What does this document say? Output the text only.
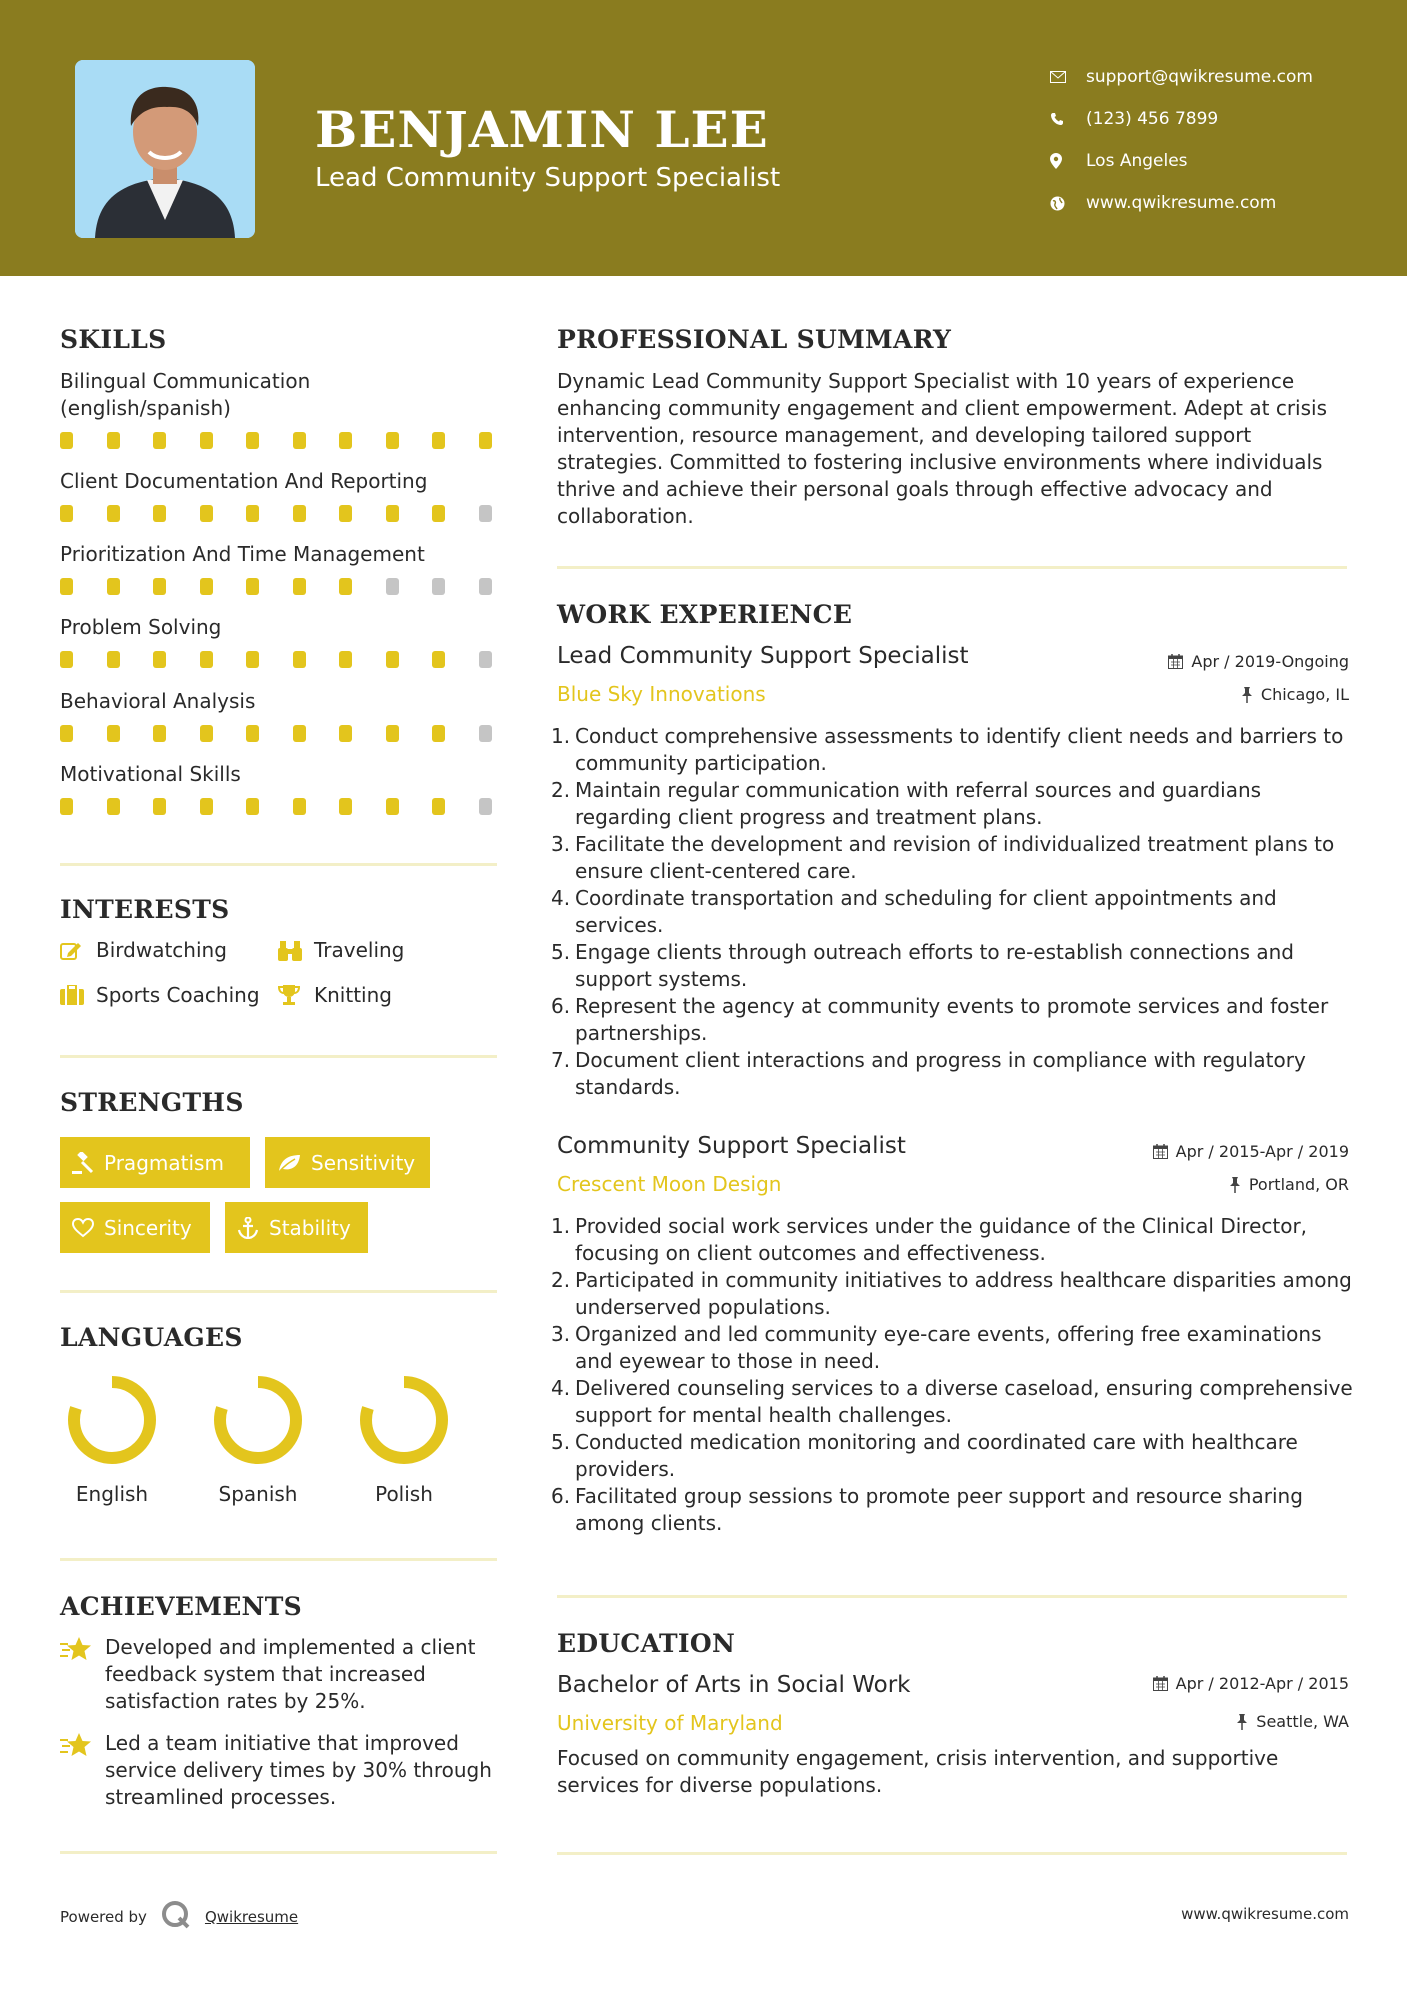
BENJAMIN LEE
Lead Community Support Specialist
support@qwikresume.com
(123) 456 7899
Los Angeles
www.qwikresume.com
SKILLS
Bilingual Communication (english/spanish)
Client Documentation And Reporting
Prioritization And Time Management
Problem Solving
Behavioral Analysis
Motivational Skills
INTERESTS
Birdwatching	Traveling
Sports Coaching	Knitting
STRENGTHS
Pragmatism	Sensitivity
Sincerity	Stability
LANGUAGES
English	Spanish	Polish
ACHIEVEMENTS
Developed and implemented a client feedback system that increased satisfaction rates by 25%.
Led a team initiative that improved service delivery times by 30% through streamlined processes.
PROFESSIONAL SUMMARY
Dynamic Lead Community Support Specialist with 10 years of experience enhancing community engagement and client empowerment. Adept at crisis intervention, resource management, and developing tailored support strategies. Committed to fostering inclusive environments where individuals thrive and achieve their personal goals through effective advocacy and collaboration.
WORK EXPERIENCE
Lead Community Support Specialist	Apr / 2019-Ongoing
Blue Sky Innovations	Chicago, IL
1. Conduct comprehensive assessments to identify client needs and barriers to community participation.
2. Maintain regular communication with referral sources and guardians regarding client progress and treatment plans.
3. Facilitate the development and revision of individualized treatment plans to ensure client-centered care.
4. Coordinate transportation and scheduling for client appointments and services.
5. Engage clients through outreach efforts to re-establish connections and support systems.
6. Represent the agency at community events to promote services and foster partnerships.
7. Document client interactions and progress in compliance with regulatory standards.
Community Support Specialist	Apr / 2015-Apr / 2019
Crescent Moon Design	Portland, OR
1. Provided social work services under the guidance of the Clinical Director, focusing on client outcomes and effectiveness.
2. Participated in community initiatives to address healthcare disparities among underserved populations.
3. Organized and led community eye-care events, offering free examinations and eyewear to those in need.
4. Delivered counseling services to a diverse caseload, ensuring comprehensive support for mental health challenges.
5. Conducted medication monitoring and coordinated care with healthcare providers.
6. Facilitated group sessions to promote peer support and resource sharing among clients.
EDUCATION
Bachelor of Arts in Social Work	Apr / 2012-Apr / 2015
University of Maryland	Seattle, WA
Focused on community engagement, crisis intervention, and supportive services for diverse populations.
Powered by	Qwikresume	www.qwikresume.com
